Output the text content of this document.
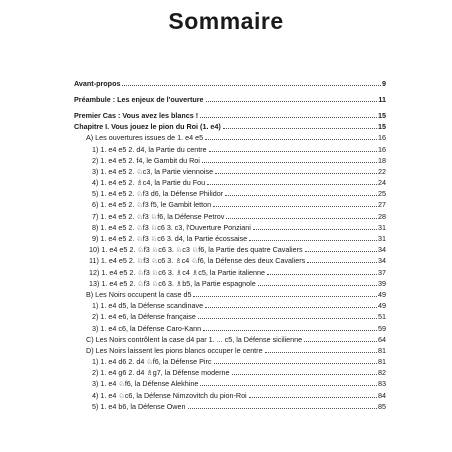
Sommaire
Avant-propos	9
Préambule : Les enjeux de l'ouverture	11
Premier Cas : Vous avez les blancs !	15
Chapitre I. Vous jouez le pion du Roi (1. e4)	15
A) Les ouvertures issues de 1. e4 e5	16
1) 1. e4 e5 2. d4, la Partie du centre	16
2) 1. e4 e5 2. f4, le Gambit du Roi	18
3) 1. e4 e5 2. ♘c3, la Partie viennoise	22
4) 1. e4 e5 2. ♗c4, la Partie du Fou	24
5) 1. e4 e5 2. ♘f3 d6, la Défense Philidor	25
6) 1. e4 e5 2. ♘f3 f5, le Gambit letton	27
7) 1. e4 e5 2. ♘f3 ♘f6, la Défense Petrov	28
8) 1. e4 e5 2. ♘f3 ♘c6 3. c3, l'Ouverture Ponziani	31
9) 1. e4 e5 2. ♘f3 ♘c6 3. d4, la Partie écossaise	31
10) 1. e4 e5 2. ♘f3 ♘c6 3. ♘c3 ♘f6, la Partie des quatre Cavaliers	34
11) 1. e4 e5 2. ♘f3 ♘c6 3. ♗c4 ♘f6, la Défense des deux Cavaliers	34
12) 1. e4 e5 2. ♘f3 ♘c6 3. ♗c4 ♗c5, la Partie italienne	37
13) 1. e4 e5 2. ♘f3 ♘c6 3. ♗b5, la Partie espagnole	39
B) Les Noirs occupent la case d5	49
1) 1. e4 d5, la Défense scandinave	49
2) 1. e4 e6, la Défense française	51
3) 1. e4 c6, la Défense Caro-Kann	59
C) Les Noirs contrôlent la case d4 par 1. ... c5, la Défense sicilienne	64
D) Les Noirs laissent les pions blancs occuper le centre	81
1) 1. e4 d6 2. d4 ♘f6, la Défense Pirc	81
2) 1. e4 g6 2. d4 ♗g7, la Défense moderne	82
3) 1. e4 ♘f6, la Défense Alekhine	83
4) 1. e4 ♘c6, la Défense Nimzovitch du pion-Roi	84
5) 1. e4 b6, la Défense Owen	85
